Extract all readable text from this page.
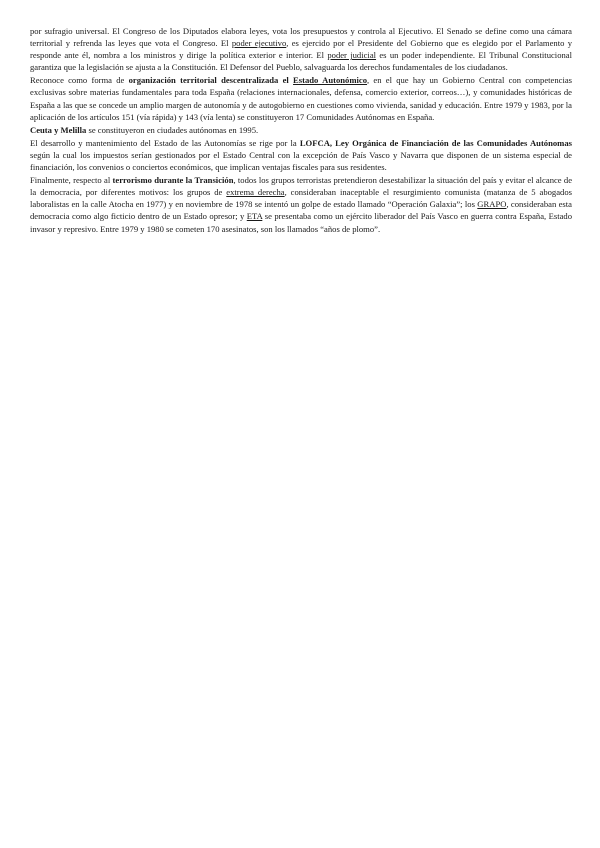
por sufragio universal. El Congreso de los Diputados elabora leyes, vota los presupuestos y controla al Ejecutivo. El Senado se define como una cámara territorial y refrenda las leyes que vota el Congreso. El poder ejecutivo, es ejercido por el Presidente del Gobierno que es elegido por el Parlamento y responde ante él, nombra a los ministros y dirige la política exterior e interior. El poder judicial es un poder independiente. El Tribunal Constitucional garantiza que la legislación se ajusta a la Constitución. El Defensor del Pueblo, salvaguarda los derechos fundamentales de los ciudadanos.

Reconoce como forma de organización territorial descentralizada el Estado Autonómico, en el que hay un Gobierno Central con competencias exclusivas sobre materias fundamentales para toda España (relaciones internacionales, defensa, comercio exterior, correos…), y comunidades históricas de España a las que se concede un amplio margen de autonomía y de autogobierno en cuestiones como vivienda, sanidad y educación. Entre 1979 y 1983, por la aplicación de los artículos 151 (vía rápida) y 143 (vía lenta) se constituyeron 17 Comunidades Autónomas en España.

Ceuta y Melilla se constituyeron en ciudades autónomas en 1995.

El desarrollo y mantenimiento del Estado de las Autonomías se rige por la LOFCA, Ley Orgánica de Financiación de las Comunidades Autónomas según la cual los impuestos serían gestionados por el Estado Central con la excepción de País Vasco y Navarra que disponen de un sistema especial de financiación, los convenios o conciertos económicos, que implican ventajas fiscales para sus residentes.

Finalmente, respecto al terrorismo durante la Transición, todos los grupos terroristas pretendieron desestabilizar la situación del país y evitar el alcance de la democracia, por diferentes motivos: los grupos de extrema derecha, consideraban inaceptable el resurgimiento comunista (matanza de 5 abogados laboralistas en la calle Atocha en 1977) y en noviembre de 1978 se intentó un golpe de estado llamado “Operación Galaxia”; los GRAPO, consideraban esta democracia como algo ficticio dentro de un Estado opresor; y ETA se presentaba como un ejército liberador del País Vasco en guerra contra España, Estado invasor y represivo. Entre 1979 y 1980 se cometen 170 asesinatos, son los llamados “años de plomo”.
